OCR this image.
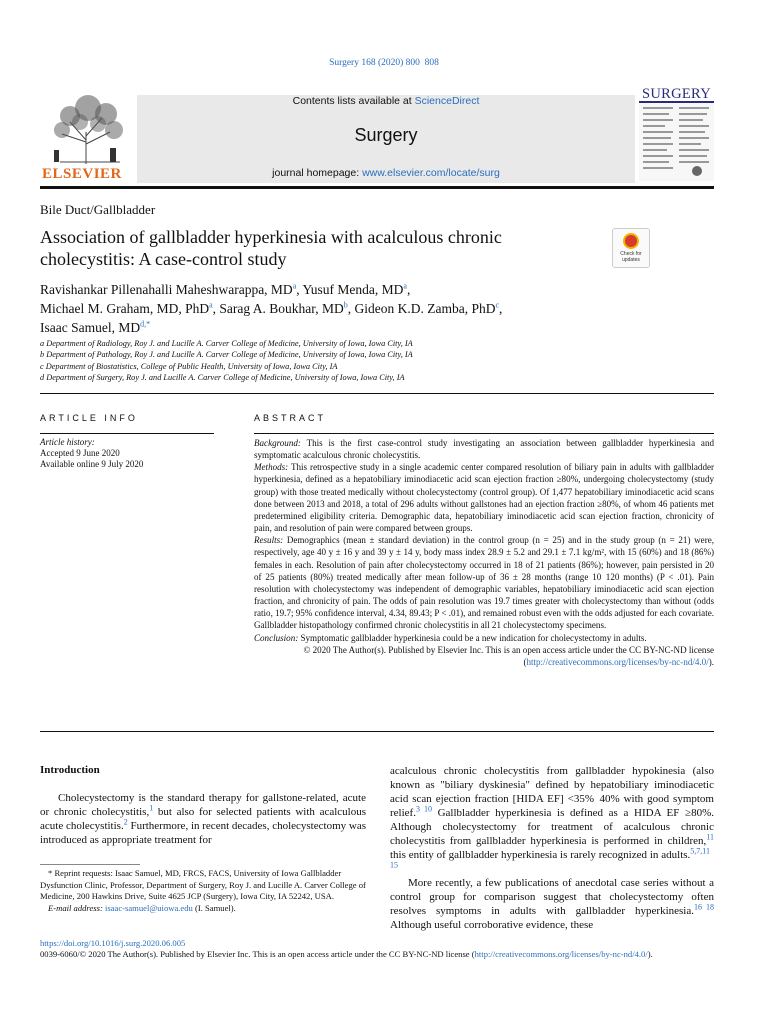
Surgery 168 (2020) 800 808
ELSEVIER
Contents lists available at ScienceDirect
Surgery
journal homepage: www.elsevier.com/locate/surg
SURGERY
Bile Duct/Gallbladder
Association of gallbladder hyperkinesia with acalculous chronic cholecystitis: A case-control study	Check for updates
Ravishankar Pillenahalli Maheshwarappa, $MD^a$, Yusuf Menda, $MD^a$,
Michael M. Graham, MD, PhD$^a$, Sarag A. Boukhar, $MD^b$, Gideon K.D. Zamba, PhD$^c$,
Isaac Samuel, $MD^{d,*}$
a Department of Radiology, Roy J. and Lucille A. Carver College of Medicine, University of Iowa, Iowa City, IA
b Department of Pathology, Roy J. and Lucille A. Carver College of Medicine, University of Iowa, Iowa City, IA
c Department of Biostatistics, College of Public Health, University of Iowa, Iowa City, IA
d Department of Surgery, Roy J. and Lucille A. Carver College of Medicine, University of Iowa, Iowa City, IA
ARTICLE INFO
Article history:
Accepted 9 June 2020
Available online 9 July 2020
ABSTRACT

Background: This is the first case-control study investigating an association between gallbladder hyperkinesia and symptomatic acalculous chronic cholecystitis.

Methods: This retrospective study in a single academic center compared resolution of biliary pain in adults with gallbladder hyperkinesia, defined as a hepatobiliary iminodiacetic acid scan ejection fraction ≥80%, undergoing cholecystectomy (study group) with those treated medically without cholecystectomy (control group). Of 1,477 hepatobiliary iminodiacetic acid scans done between 2013 and 2018, a total of 296 adults without gallstones had an ejection fraction ≥80%, of whom 46 patients met predetermined eligibility criteria. Demographic data, hepatobiliary iminodiacetic acid scan ejection fraction, chronicity of pain, and resolution of pain were compared between groups.

Results: Demographics (mean ± standard deviation) in the control group (n = 25) and in the study group (n = 21) were, respectively, age 40 y ± 16 y and 39 y ± 14 y, body mass index 28.9 ± 5.2 and 29.1 ± 7.1 kg/m², with 15 (60%) and 18 (86%) females in each. Resolution of pain after cholecystectomy occurred in 18 of 21 patients (86%); however, pain persisted in 20 of 25 patients (80%) treated medically after mean follow-up of 36 ± 28 months (range 10 120 months) (P < .01). Pain resolution with cholecystectomy was independent of demographic variables, hepatobiliary iminodiacetic acid scan ejection fraction, and chronicity of pain. The odds of pain resolution was 19.7 times greater with cholecystectomy than without (odds ratio, 19.7; 95% confidence interval, 4.34, 89.43; P < .01), and remained robust even with the odds adjusted for each covariate. Gallbladder histopathology confirmed chronic cholecystitis in all 21 cholecystectomy specimens.

Conclusion: Symptomatic gallbladder hyperkinesia could be a new indication for cholecystectomy in adults.

© 2020 The Author(s). Published by Elsevier Inc. This is an open access article under the CC BY-NC-ND license (http://creativecommons.org/licenses/by-nc-nd/4.0/).

Introduction

Cholecystectomy is the standard therapy for gallstone-related, acute or chronic cholecystitis,$^1$ but also for selected patients with acalculous acute cholecystitis.$^2$ Furthermore, in recent decades, cholecystectomy was introduced as appropriate treatment for

* Reprint requests: Isaac Samuel, MD, FRCS, FACS, University of Iowa Gallbladder Dysfunction Clinic, Professor, Department of Surgery, Roy J. and Lucille A. Carver College of Medicine, 200 Hawkins Drive, Suite 4625 JCP (Surgery), Iowa City, IA 52242, USA.

E-mail address: isaac-samuel@uiowa.edu (I. Samuel).

acalculous chronic cholecystitis from gallbladder hypokinesia (also known as "biliary dyskinesia" defined by hepatobiliary iminodiacetic acid scan ejection fraction [HIDA EF] <35% 40% with good symptom relief.$^{3 10}$ Gallbladder hyperkinesia is defined as a HIDA EF ≥80%. Although cholecystectomy for treatment of acalculous chronic cholecystitis from gallbladder hyperkinesia is performed in children,$^{11}$ this entity of gallbladder hyperkinesia is rarely recognized in adults.$^{5,7,11 15}$

More recently, a few publications of anecdotal case series without a control group for comparison suggest that cholecystectomy often resolves symptoms in adults with gallbladder hyperkinesia.$^{16 18}$ Although useful corroborative evidence, these

https://doi.org/10.1016/j.surg.2020.06.005
0039-6060/© 2020 The Author(s). Published by Elsevier Inc. This is an open access article under the CC BY-NC-ND license (http://creativecommons.org/licenses/by-nc-nd/4.0/).
